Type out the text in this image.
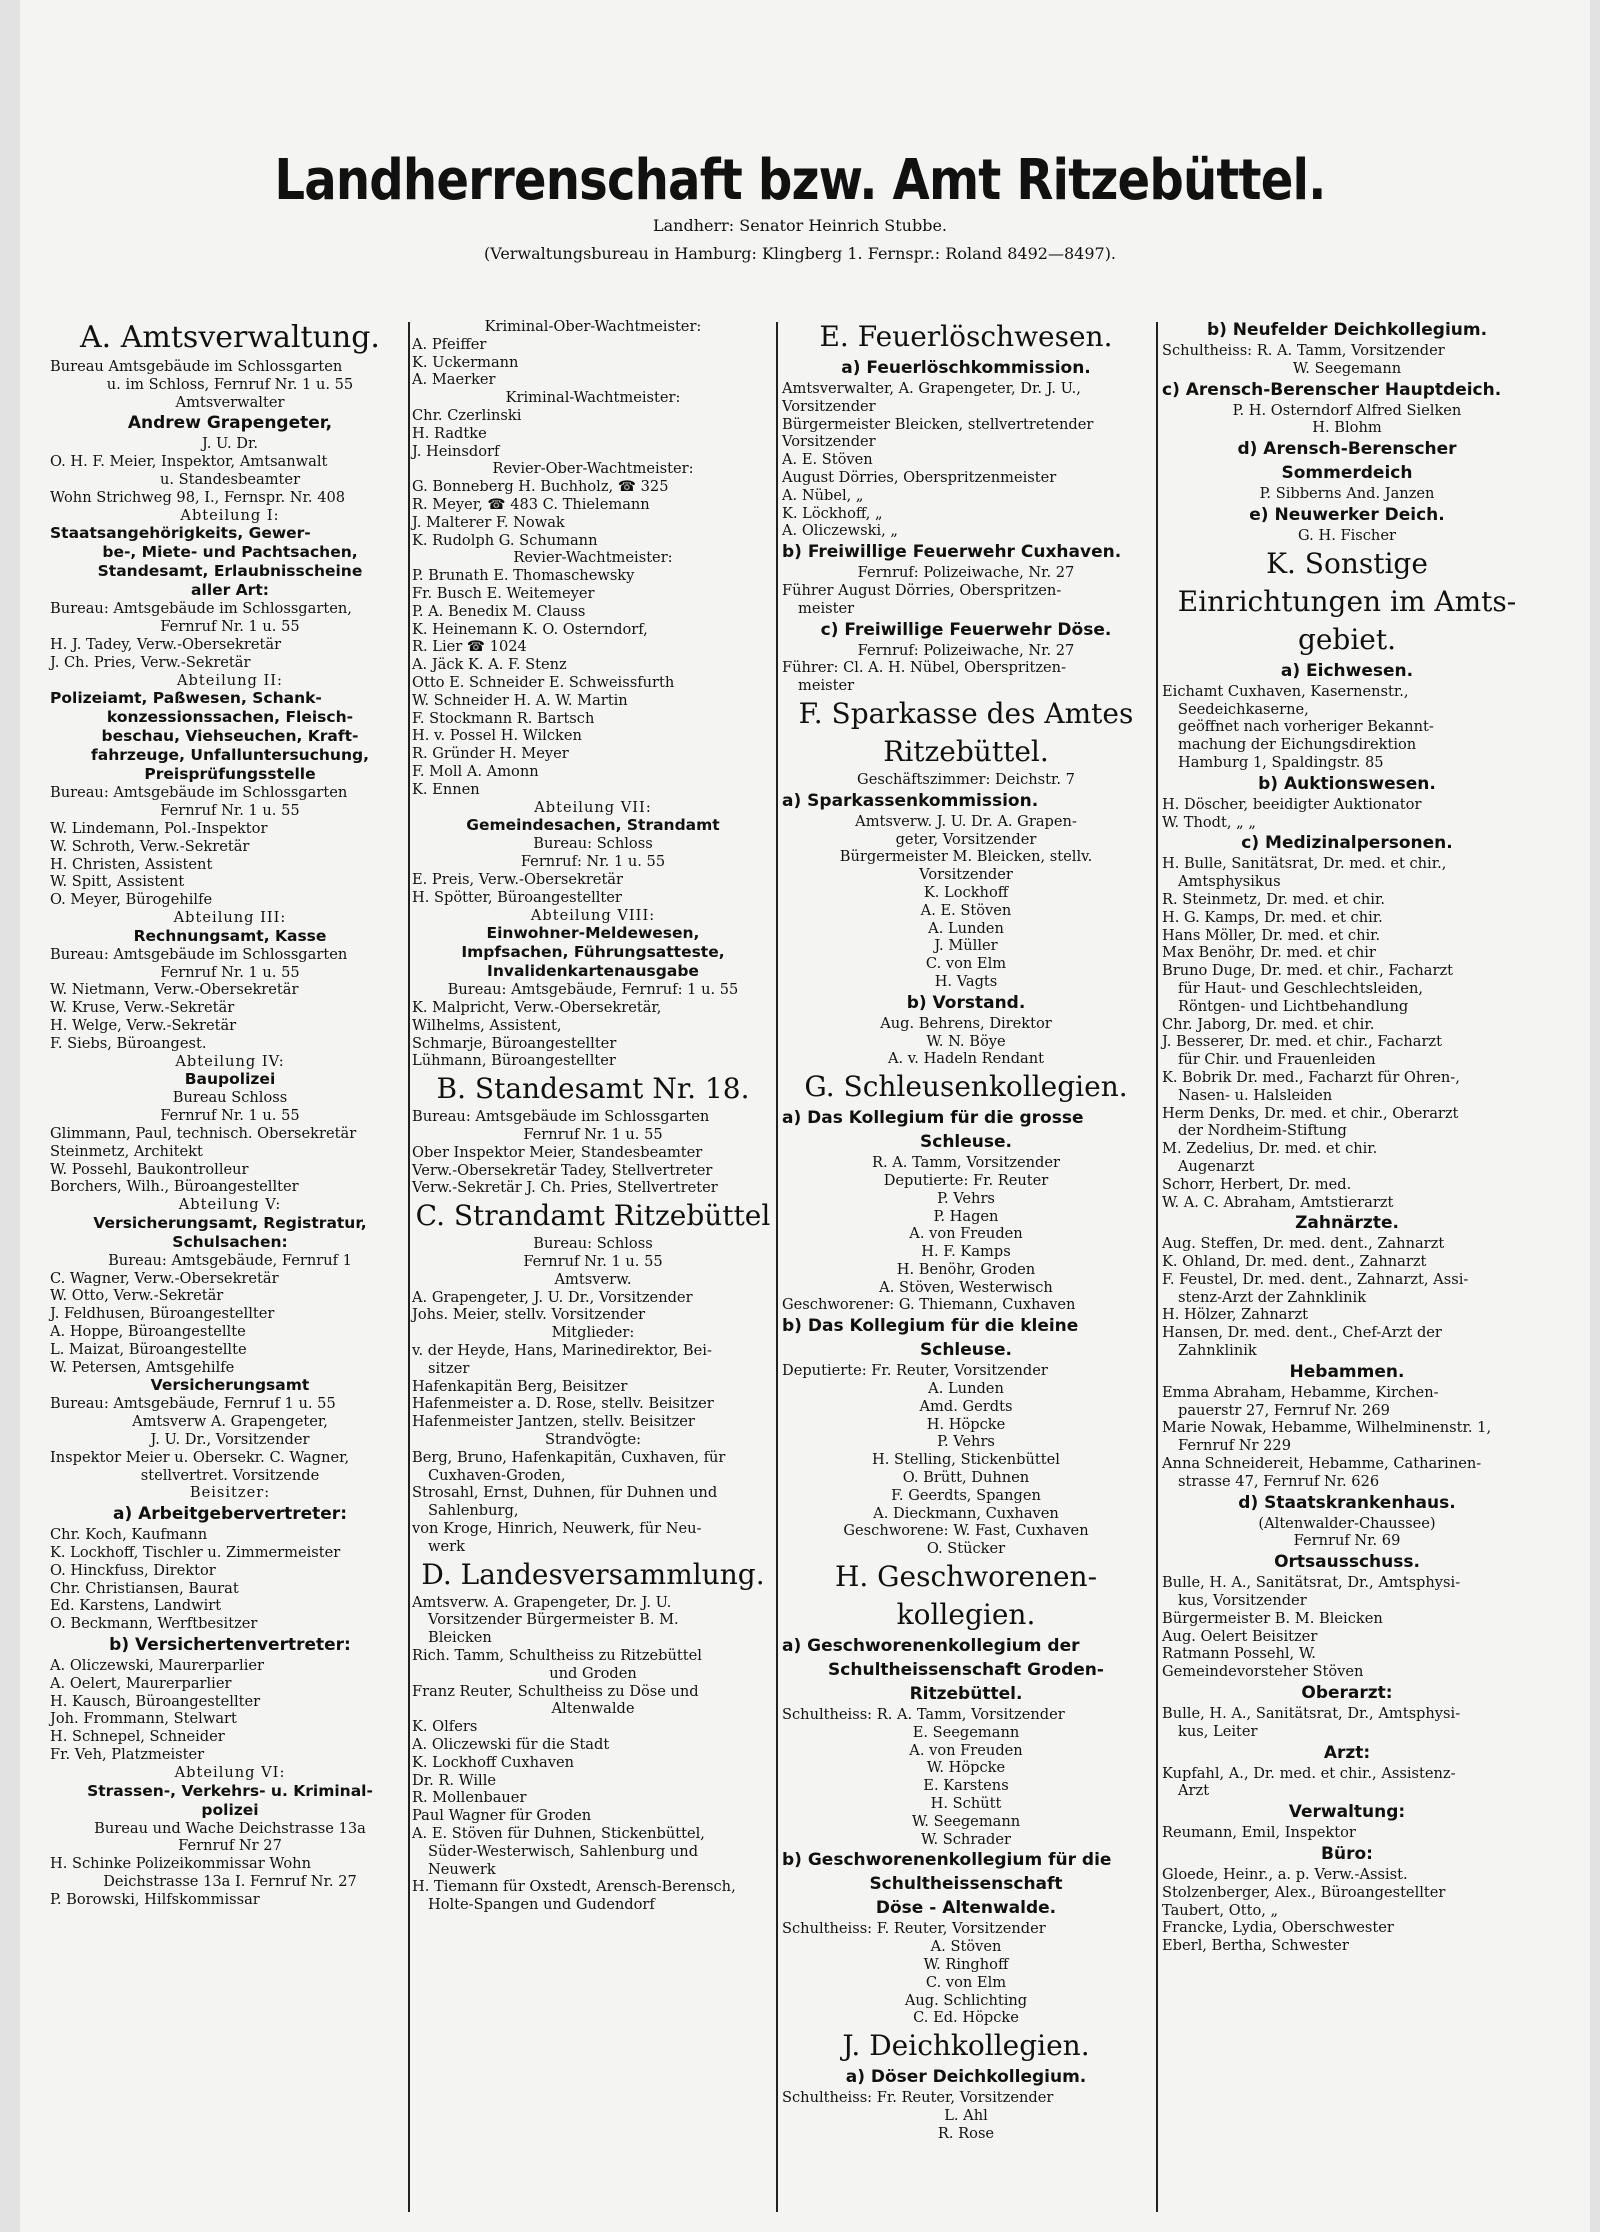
Landherrenschaft bzw. Amt Ritzebüttel.
Landherr: Senator Heinrich Stubbe.
(Verwaltungsbureau in Hamburg: Klingberg 1. Fernspr.: Roland 8492—8497).
A. Amtsverwaltung.
Bureau Amtsgebäude im Schlossgarten
u. im Schloss, Fernruf Nr. 1 u. 55
Amtsverwalter
Andrew Grapengeter,
J. U. Dr.
O. H. F. Meier, Inspektor, Amtsanwalt
u. Standesbeamter
Wohn Strichweg 98, I., Fernspr. Nr. 408
Abteilung I:
Staatsangehörigkeits, Gewer-
be-, Miete- und Pachtsachen,
Standesamt, Erlaubnisscheine
aller Art:
Bureau: Amtsgebäude im Schlossgarten,
Fernruf Nr. 1 u. 55
H. J. Tadey, Verw.-Obersekretär
J. Ch. Pries, Verw.-Sekretär
Abteilung II:
Polizeiamt, Paßwesen, Schank-
konzessionssachen, Fleisch-
beschau, Viehseuchen, Kraft-
fahrzeuge, Unfalluntersuchung,
Preisprüfungsstelle
Bureau: Amtsgebäude im Schlossgarten
Fernruf Nr. 1 u. 55
W. Lindemann, Pol.-Inspektor
W. Schroth, Verw.-Sekretär
H. Christen, Assistent
W. Spitt, Assistent
O. Meyer, Bürogehilfe
Abteilung III:
Rechnungsamt, Kasse
Bureau: Amtsgebäude im Schlossgarten
Fernruf Nr. 1 u. 55
W. Nietmann, Verw.-Obersekretär
W. Kruse, Verw.-Sekretär
H. Welge, Verw.-Sekretär
F. Siebs, Büroangest.
Abteilung IV:
Baupolizei
Bureau Schloss
Fernruf Nr. 1 u. 55
Glimmann, Paul, technisch. Obersekretär
Steinmetz, Architekt
W. Possehl, Baukontrolleur
Borchers, Wilh., Büroangestellter
Abteilung V:
Versicherungsamt, Registratur,
Schulsachen:
Bureau: Amtsgebäude, Fernruf 1
C. Wagner, Verw.-Obersekretär
W. Otto, Verw.-Sekretär
J. Feldhusen, Büroangestellter
A. Hoppe, Büroangestellte
L. Maizat, Büroangestellte
W. Petersen, Amtsgehilfe
Versicherungsamt
Bureau: Amtsgebäude, Fernruf 1 u. 55
Amtsverw A. Grapengeter,
J. U. Dr., Vorsitzender
Inspektor Meier u. Obersekr. C. Wagner,
stellvertret. Vorsitzende
Beisitzer:
a) Arbeitgebervertreter:
Chr. Koch, Kaufmann
K. Lockhoff, Tischler u. Zimmermeister
O. Hinckfuss, Direktor
Chr. Christiansen, Baurat
Ed. Karstens, Landwirt
O. Beckmann, Werftbesitzer
b) Versichertenvertreter:
A. Oliczewski, Maurerparlier
A. Oelert, Maurerparlier
H. Kausch, Büroangestellter
Joh. Frommann, Stelwart
H. Schnepel, Schneider
Fr. Veh, Platzmeister
Abteilung VI:
Strassen-, Verkehrs- u. Kriminal-
polizei
Bureau und Wache Deichstrasse 13a
Fernruf Nr 27
H. Schinke Polizeikommissar Wohn
Deichstrasse 13a I. Fernruf Nr. 27
P. Borowski, Hilfskommissar
Kriminal-Ober-Wachtmeister:
A. Pfeiffer
K. Uckermann
A. Maerker
Kriminal-Wachtmeister:
Chr. Czerlinski
H. Radtke
J. Heinsdorf
Revier-Ober-Wachtmeister:
G. Bonneberg H. Buchholz, ☎ 325
R. Meyer, ☎ 483 C. Thielemann
J. Malterer F. Nowak
K. Rudolph G. Schumann
Revier-Wachtmeister:
P. Brunath E. Thomaschewsky
Fr. Busch E. Weitemeyer
P. A. Benedix M. Clauss
K. Heinemann K. O. Osterndorf,
R. Lier ☎ 1024
A. Jäck K. A. F. Stenz
Otto E. Schneider E. Schweissfurth
W. Schneider H. A. W. Martin
F. Stockmann R. Bartsch
H. v. Possel H. Wilcken
R. Gründer H. Meyer
F. Moll A. Amonn
K. Ennen
Abteilung VII:
Gemeindesachen, Strandamt
Bureau: Schloss
Fernruf: Nr. 1 u. 55
E. Preis, Verw.-Obersekretär
H. Spötter, Büroangestellter
Abteilung VIII:
Einwohner-Meldewesen,
Impfsachen, Führungsatteste,
Invalidenkartenausgabe
Bureau: Amtsgebäude, Fernruf: 1 u. 55
K. Malpricht, Verw.-Obersekretär,
Wilhelms, Assistent,
Schmarje, Büroangestellter
Lühmann, Büroangestellter
B. Standesamt Nr. 18.
Bureau: Amtsgebäude im Schlossgarten
Fernruf Nr. 1 u. 55
Ober Inspektor Meier, Standesbeamter
Verw.-Obersekretär Tadey, Stellvertreter
Verw.-Sekretär J. Ch. Pries, Stellvertreter
C. Strandamt Ritzebüttel
Bureau: Schloss
Fernruf Nr. 1 u. 55
Amtsverw.
A. Grapengeter, J. U. Dr., Vorsitzender
Johs. Meier, stellv. Vorsitzender
Mitglieder:
v. der Heyde, Hans, Marinedirektor, Bei-
sitzer
Hafenkapitän Berg, Beisitzer
Hafenmeister a. D. Rose, stellv. Beisitzer
Hafenmeister Jantzen, stellv. Beisitzer
Strandvögte:
Berg, Bruno, Hafenkapitän, Cuxhaven, für
Cuxhaven-Groden,
Strosahl, Ernst, Duhnen, für Duhnen und
Sahlenburg,
von Kroge, Hinrich, Neuwerk, für Neu-
werk
D. Landesversammlung.
Amtsverw. A. Grapengeter, Dr. J. U.
Vorsitzender Bürgermeister B. M.
Bleicken
Rich. Tamm, Schultheiss zu Ritzebüttel
und Groden
Franz Reuter, Schultheiss zu Döse und
Altenwalde
K. Olfers
A. Oliczewski für die Stadt
K. Lockhoff Cuxhaven
Dr. R. Wille
R. Mollenbauer
Paul Wagner für Groden
A. E. Stöven für Duhnen, Stickenbüttel,
Süder-Westerwisch, Sahlenburg und
Neuwerk
H. Tiemann für Oxstedt, Arensch-Berensch,
Holte-Spangen und Gudendorf
E. Feuerlöschwesen.
a) Feuerlöschkommission.
Amtsverwalter, A. Grapengeter, Dr. J. U.,
Vorsitzender
Bürgermeister Bleicken, stellvertretender
Vorsitzender
A. E. Stöven
August Dörries, Oberspritzenmeister
A. Nübel, „
K. Löckhoff, „
A. Oliczewski, „
b) Freiwillige Feuerwehr Cuxhaven.
Fernruf: Polizeiwache, Nr. 27
Führer August Dörries, Oberspritzen-
meister
c) Freiwillige Feuerwehr Döse.
Fernruf: Polizeiwache, Nr. 27
Führer: Cl. A. H. Nübel, Oberspritzen-
meister
F. Sparkasse des Amtes
Ritzebüttel.
Geschäftszimmer: Deichstr. 7
a) Sparkassenkommission.
Amtsverw. J. U. Dr. A. Grapen-
geter, Vorsitzender
Bürgermeister M. Bleicken, stellv.
Vorsitzender
K. Lockhoff
A. E. Stöven
A. Lunden
J. Müller
C. von Elm
H. Vagts
b) Vorstand.
Aug. Behrens, Direktor
W. N. Böye
A. v. Hadeln Rendant
G. Schleusenkollegien.
a) Das Kollegium für die grosse
Schleuse.
R. A. Tamm, Vorsitzender
Deputierte: Fr. Reuter
P. Vehrs
P. Hagen
A. von Freuden
H. F. Kamps
H. Benöhr, Groden
A. Stöven, Westerwisch
Geschworener: G. Thiemann, Cuxhaven
b) Das Kollegium für die kleine
Schleuse.
Deputierte: Fr. Reuter, Vorsitzender
A. Lunden
Amd. Gerdts
H. Höpcke
P. Vehrs
H. Stelling, Stickenbüttel
O. Brütt, Duhnen
F. Geerdts, Spangen
A. Dieckmann, Cuxhaven
Geschworene: W. Fast, Cuxhaven
O. Stücker
H. Geschworenen-
kollegien.
a) Geschworenenkollegium der
Schultheissenschaft Groden-
Ritzebüttel.
Schultheiss: R. A. Tamm, Vorsitzender
E. Seegemann
A. von Freuden
W. Höpcke
E. Karstens
H. Schütt
W. Seegemann
W. Schrader
b) Geschworenenkollegium für die
Schultheissenschaft
Döse - Altenwalde.
Schultheiss: F. Reuter, Vorsitzender
A. Stöven
W. Ringhoff
C. von Elm
Aug. Schlichting
C. Ed. Höpcke
J. Deichkollegien.
a) Döser Deichkollegium.
Schultheiss: Fr. Reuter, Vorsitzender
L. Ahl
R. Rose
b) Neufelder Deichkollegium.
Schultheiss: R. A. Tamm, Vorsitzender
W. Seegemann
c) Arensch-Berenscher Hauptdeich.
P. H. Osterndorf Alfred Sielken
H. Blohm
d) Arensch-Berenscher
Sommerdeich
P. Sibberns And. Janzen
e) Neuwerker Deich.
G. H. Fischer
K. Sonstige
Einrichtungen im Amts-
gebiet.
a) Eichwesen.
Eichamt Cuxhaven, Kasernenstr.,
Seedeichkaserne,
geöffnet nach vorheriger Bekannt-
machung der Eichungsdirektion
Hamburg 1, Spaldingstr. 85
b) Auktionswesen.
H. Döscher, beeidigter Auktionator
W. Thodt, „ „
c) Medizinalpersonen.
H. Bulle, Sanitätsrat, Dr. med. et chir.,
Amtsphysikus
R. Steinmetz, Dr. med. et chir.
H. G. Kamps, Dr. med. et chir.
Hans Möller, Dr. med. et chir.
Max Benöhr, Dr. med. et chir
Bruno Duge, Dr. med. et chir., Facharzt
für Haut- und Geschlechtsleiden,
Röntgen- und Lichtbehandlung
Chr. Jaborg, Dr. med. et chir.
J. Besserer, Dr. med. et chir., Facharzt
für Chir. und Frauenleiden
K. Bobrik Dr. med., Facharzt für Ohren-,
Nasen- u. Halsleiden
Herm Denks, Dr. med. et chir., Oberarzt
der Nordheim-Stiftung
M. Zedelius, Dr. med. et chir.
Augenarzt
Schorr, Herbert, Dr. med.
W. A. C. Abraham, Amtstierarzt
Zahnärzte.
Aug. Steffen, Dr. med. dent., Zahnarzt
K. Ohland, Dr. med. dent., Zahnarzt
F. Feustel, Dr. med. dent., Zahnarzt, Assi-
stenz-Arzt der Zahnklinik
H. Hölzer, Zahnarzt
Hansen, Dr. med. dent., Chef-Arzt der
Zahnklinik
Hebammen.
Emma Abraham, Hebamme, Kirchen-
pauerstr 27, Fernruf Nr. 269
Marie Nowak, Hebamme, Wilhelminenstr. 1,
Fernruf Nr 229
Anna Schneidereit, Hebamme, Catharinen-
strasse 47, Fernruf Nr. 626
d) Staatskrankenhaus.
(Altenwalder-Chaussee)
Fernruf Nr. 69
Ortsausschuss.
Bulle, H. A., Sanitätsrat, Dr., Amtsphysi-
kus, Vorsitzender
Bürgermeister B. M. Bleicken
Aug. Oelert Beisitzer
Ratmann Possehl, W.
Gemeindevorsteher Stöven
Oberarzt:
Bulle, H. A., Sanitätsrat, Dr., Amtsphysi-
kus, Leiter
Arzt:
Kupfahl, A., Dr. med. et chir., Assistenz-
Arzt
Verwaltung:
Reumann, Emil, Inspektor
Büro:
Gloede, Heinr., a. p. Verw.-Assist.
Stolzenberger, Alex., Büroangestellter
Taubert, Otto, „
Francke, Lydia, Oberschwester
Eberl, Bertha, Schwester
